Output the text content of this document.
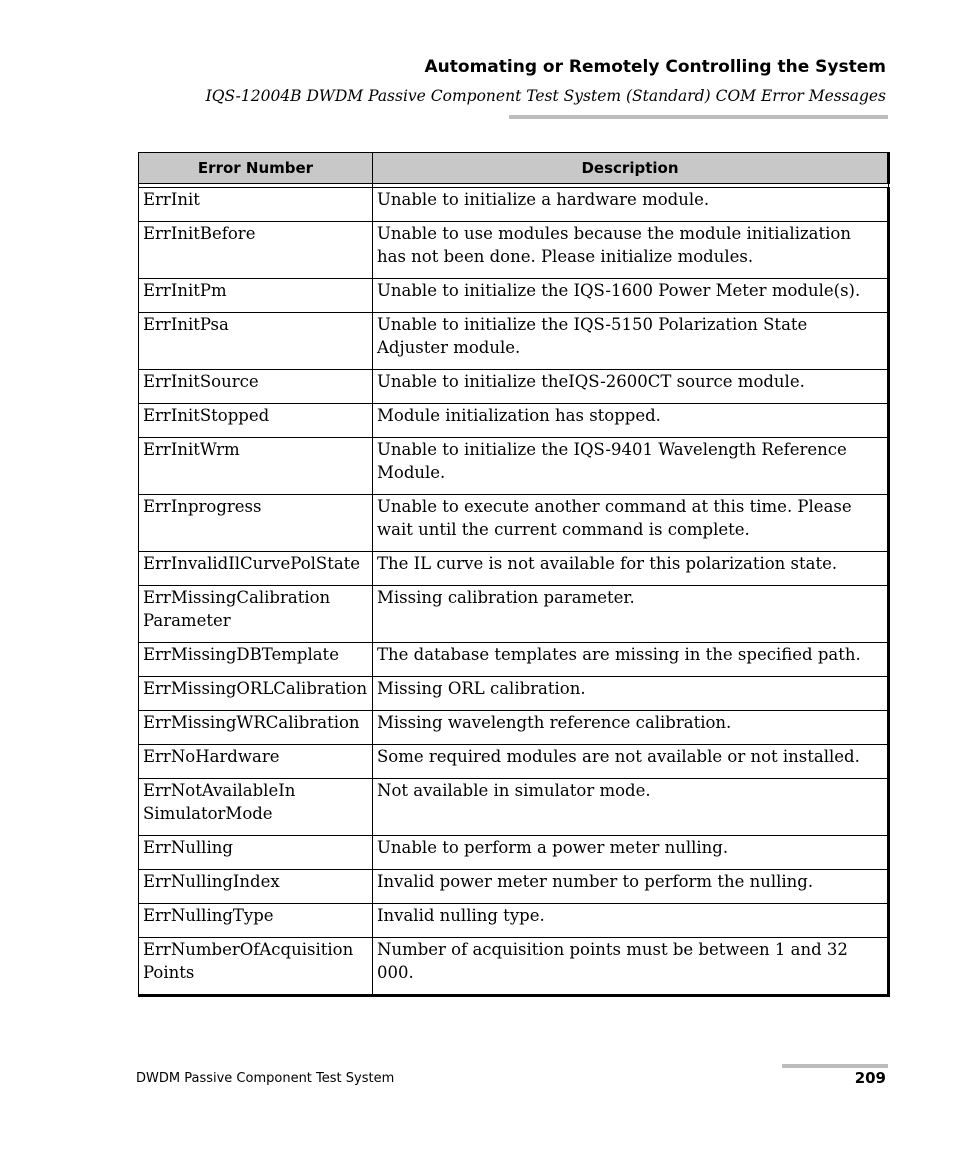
Automating or Remotely Controlling the System
IQS-12004B DWDM Passive Component Test System (Standard) COM Error Messages
Error Number	Description

ErrInit	Unable to initialize a hardware module.
ErrInitBefore	Unable to use modules because the module initialization has not been done. Please initialize modules.
ErrInitPm	Unable to initialize the IQS-1600 Power Meter module(s).
ErrInitPsa	Unable to initialize the IQS-5150 Polarization State Adjuster module.
ErrInitSource	Unable to initialize theIQS-2600CT source module.
ErrInitStopped	Module initialization has stopped.
ErrInitWrm	Unable to initialize the IQS-9401 Wavelength Reference Module.
ErrInprogress	Unable to execute another command at this time. Please wait until the current command is complete.
ErrInvalidIlCurvePolState	The IL curve is not available for this polarization state.
ErrMissingCalibration Parameter	Missing calibration parameter.
ErrMissingDBTemplate	The database templates are missing in the specified path.
ErrMissingORLCalibration	Missing ORL calibration.
ErrMissingWRCalibration	Missing wavelength reference calibration.
ErrNoHardware	Some required modules are not available or not installed.
ErrNotAvailableIn SimulatorMode	Not available in simulator mode.
ErrNulling	Unable to perform a power meter nulling.
ErrNullingIndex	Invalid power meter number to perform the nulling.
ErrNullingType	Invalid nulling type.
ErrNumberOfAcquisition Points	Number of acquisition points must be between 1 and 32 000.
DWDM Passive Component Test System	209
